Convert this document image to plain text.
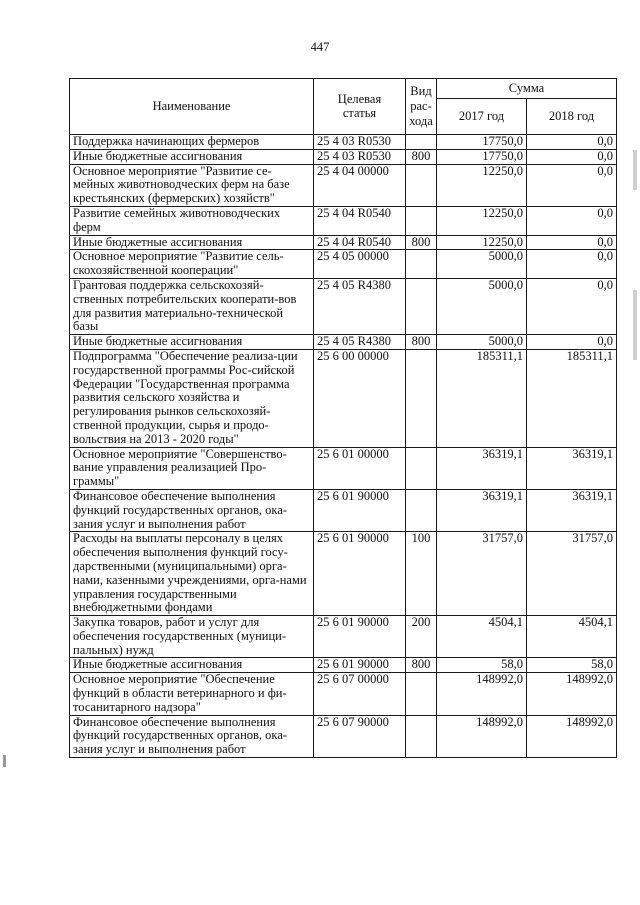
447
Наименование	Целевая статья	Вид рас-хода	Сумма	
			2017 год	2018 год
Поддержка начинающих фермеров	25 4 03 R0530		17750,0	0,0
Иные бюджетные ассигнования	25 4 03 R0530	800	17750,0	0,0
Основное мероприятие "Развитие се-мейных животноводческих ферм на базе крестьянских (фермерских) хозяйств"	25 4 04 00000		12250,0	0,0
Развитие семейных животноводческих ферм	25 4 04 R0540		12250,0	0,0
Иные бюджетные ассигнования	25 4 04 R0540	800	12250,0	0,0
Основное мероприятие "Развитие сель-скохозяйственной кооперации"	25 4 05 00000		5000,0	0,0
Грантовая поддержка сельскохозяй-ственных потребительских кооперати-вов для развития материально-технической базы	25 4 05 R4380		5000,0	0,0
Иные бюджетные ассигнования	25 4 05 R4380	800	5000,0	0,0
Подпрограмма "Обеспечение реализа-ции государственной программы Рос-сийской Федерации "Государственная программа развития сельского хозяйства и регулирования рынков сельскохозяй-ственной продукции, сырья и продо-вольствия на 2013 - 2020 годы"	25 6 00 00000		185311,1	185311,1
Основное мероприятие "Совершенство-вание управления реализацией Про-граммы"	25 6 01 00000		36319,1	36319,1
Финансовое обеспечение выполнения функций государственных органов, ока-зания услуг и выполнения работ	25 6 01 90000		36319,1	36319,1
Расходы на выплаты персоналу в целях обеспечения выполнения функций госу-дарственными (муниципальными) орга-нами, казенными учреждениями, орга-нами управления государственными внебюджетными фондами	25 6 01 90000	100	31757,0	31757,0
Закупка товаров, работ и услуг для обеспечения государственных (муници-пальных) нужд	25 6 01 90000	200	4504,1	4504,1
Иные бюджетные ассигнования	25 6 01 90000	800	58,0	58,0
Основное мероприятие "Обеспечение функций в области ветеринарного и фи-тосанитарного надзора"	25 6 07 00000		148992,0	148992,0
Финансовое обеспечение выполнения функций государственных органов, ока-зания услуг и выполнения работ	25 6 07 90000		148992,0	148992,0
